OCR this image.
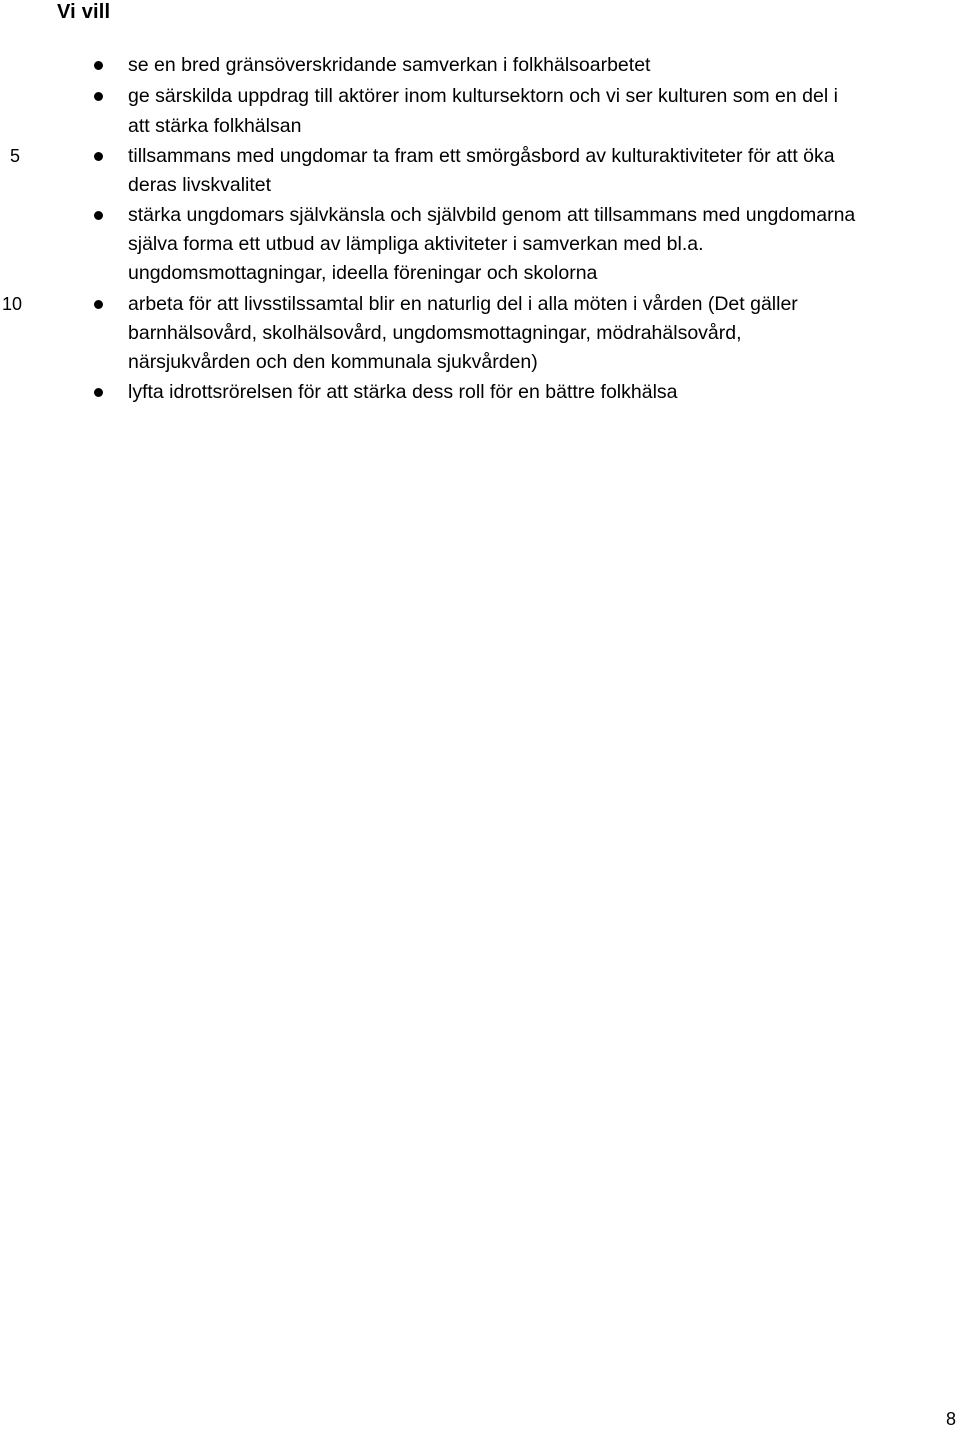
Vi vill
se en bred gränsöverskridande samverkan i folkhälsoarbetet
ge särskilda uppdrag till aktörer inom kultursektorn och vi ser kulturen som en del i
att stärka folkhälsan
tillsammans med ungdomar ta fram ett smörgåsbord av kulturaktiviteter för att öka
deras livskvalitet
stärka ungdomars självkänsla och självbild genom att tillsammans med ungdomarna
själva forma ett utbud av lämpliga aktiviteter i samverkan med bl.a.
ungdomsmottagningar, ideella föreningar och skolorna
arbeta för att livsstilssamtal blir en naturlig del i alla möten i vården (Det gäller
barnhälsovård, skolhälsovård, ungdomsmottagningar, mödrahälsovård,
närsjukvården och den kommunala sjukvården)
lyfta idrottsrörelsen för att stärka dess roll för en bättre folkhälsa
5
10
8
